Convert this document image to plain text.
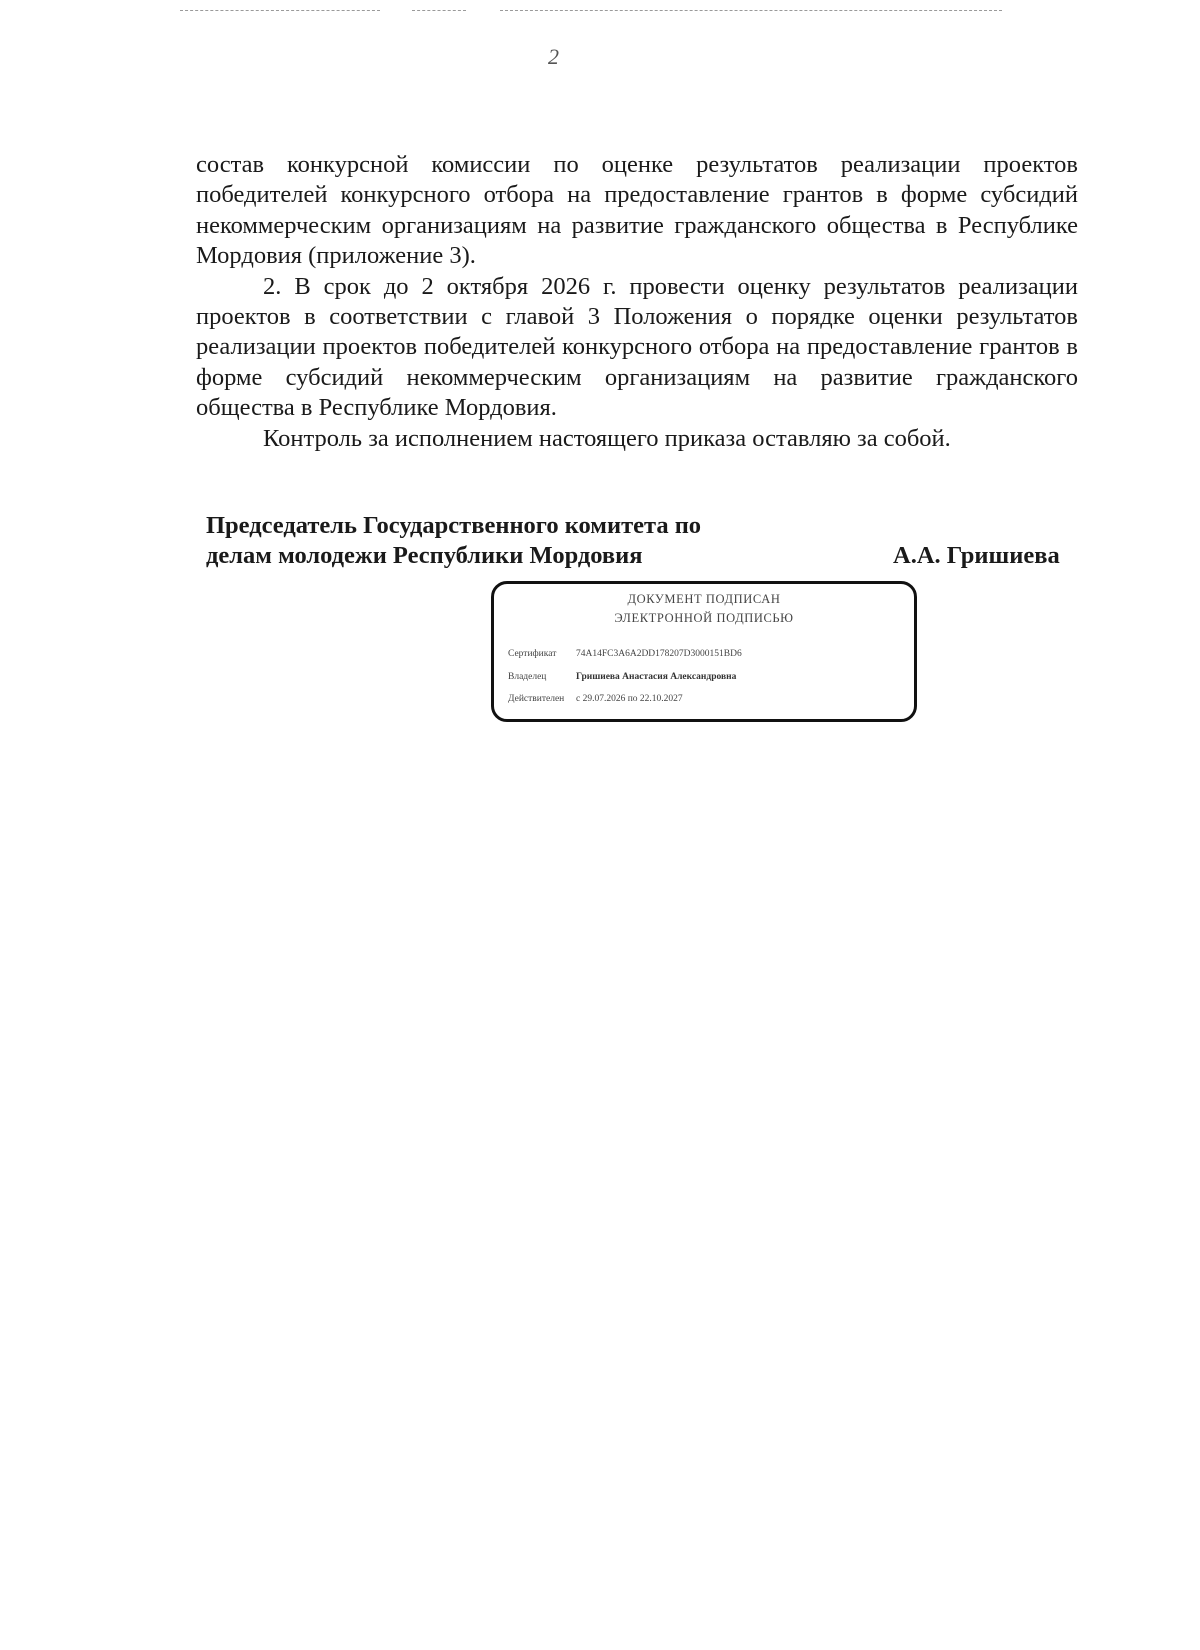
2

состав конкурсной комиссии по оценке результатов реализации проектов победителей конкурсного отбора на предоставление грантов в форме субсидий некоммерческим организациям на развитие гражданского общества в Республике Мордовия (приложение 3).

2. В срок до 2 октября 2026 г. провести оценку результатов реализации проектов в соответствии с главой 3 Положения о порядке оценки результатов реализации проектов победителей конкурсного отбора на предоставление грантов в форме субсидий некоммерческим организациям на развитие гражданского общества в Республике Мордовия.

Контроль за исполнением настоящего приказа оставляю за собой.

Председатель Государственного комитета по
делам молодежи Республики Мордовия	А.А. Гришиева
ДОКУМЕНТ ПОДПИСАН
ЭЛЕКТРОННОЙ ПОДПИСЬЮ
Сертификат 74А14FС3А6А2DD178207D3000151ВD6
Владелец	Гришиева Анастасия Александровна
Действителен с 29.07.2026 по 22.10.2027
